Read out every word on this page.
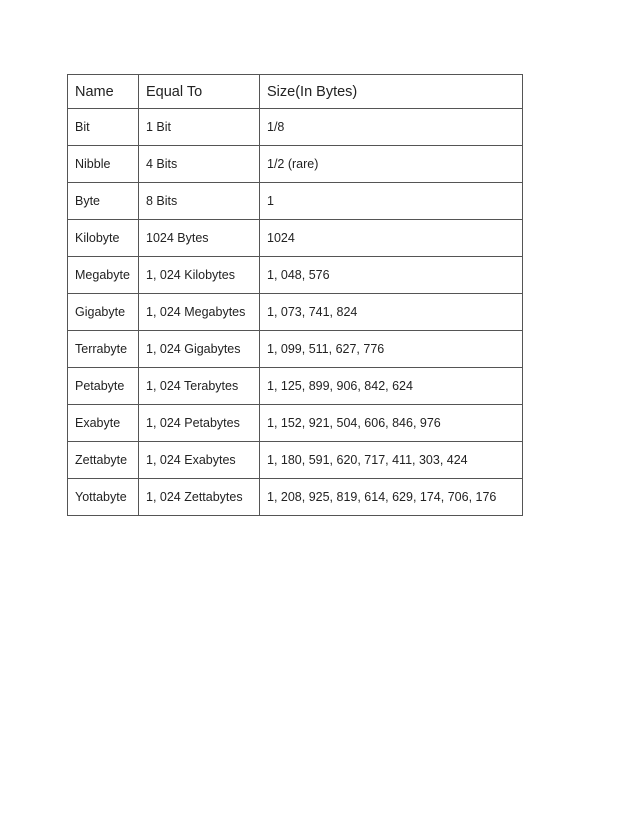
Name	Equal To	Size(In Bytes)
Bit	1 Bit	1/8
Nibble	4 Bits	1/2 (rare)
Byte	8 Bits	1
Kilobyte	1024 Bytes	1024
Megabyte	1, 024 Kilobytes	1, 048, 576
Gigabyte	1, 024 Megabytes	1, 073, 741, 824
Terrabyte	1, 024 Gigabytes	1, 099, 511, 627, 776
Petabyte	1, 024 Terabytes	1, 125, 899, 906, 842, 624
Exabyte	1, 024 Petabytes	1, 152, 921, 504, 606, 846, 976
Zettabyte	1, 024 Exabytes	1, 180, 591, 620, 717, 411, 303, 424
Yottabyte	1, 024 Zettabytes	1, 208, 925, 819, 614, 629, 174, 706, 176
